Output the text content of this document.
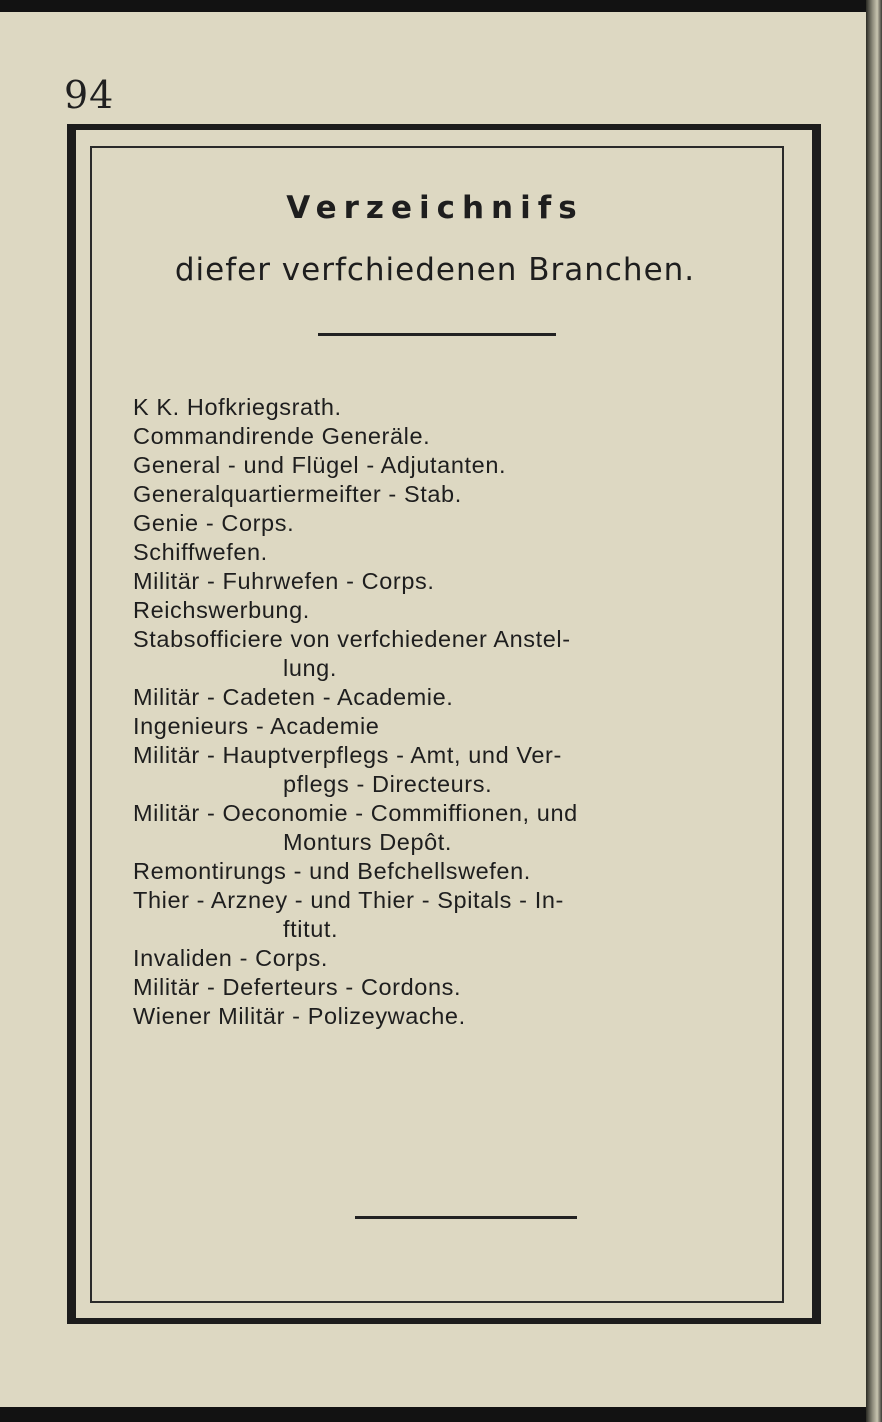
94
Verzeichnifs
diefer verfchiedenen Branchen.
K K. Hofkriegsrath.
Commandirende Generäle.
General - und Flügel - Adjutanten.
Generalquartiermeifter - Stab.
Genie - Corps.
Schiffwefen.
Militär - Fuhrwefen - Corps.
Reichswerbung.
Stabsofficiere von verfchiedener Anstel-
lung.
Militär - Cadeten - Academie.
Ingenieurs - Academie
Militär - Hauptverpflegs - Amt, und Ver-
pflegs - Directeurs.
Militär - Oeconomie - Commiffionen, und
Monturs Depôt.
Remontirungs - und Befchellswefen.
Thier - Arzney - und Thier - Spitals - In-
ftitut.
Invaliden - Corps.
Militär - Deferteurs - Cordons.
Wiener Militär - Polizeywache.
